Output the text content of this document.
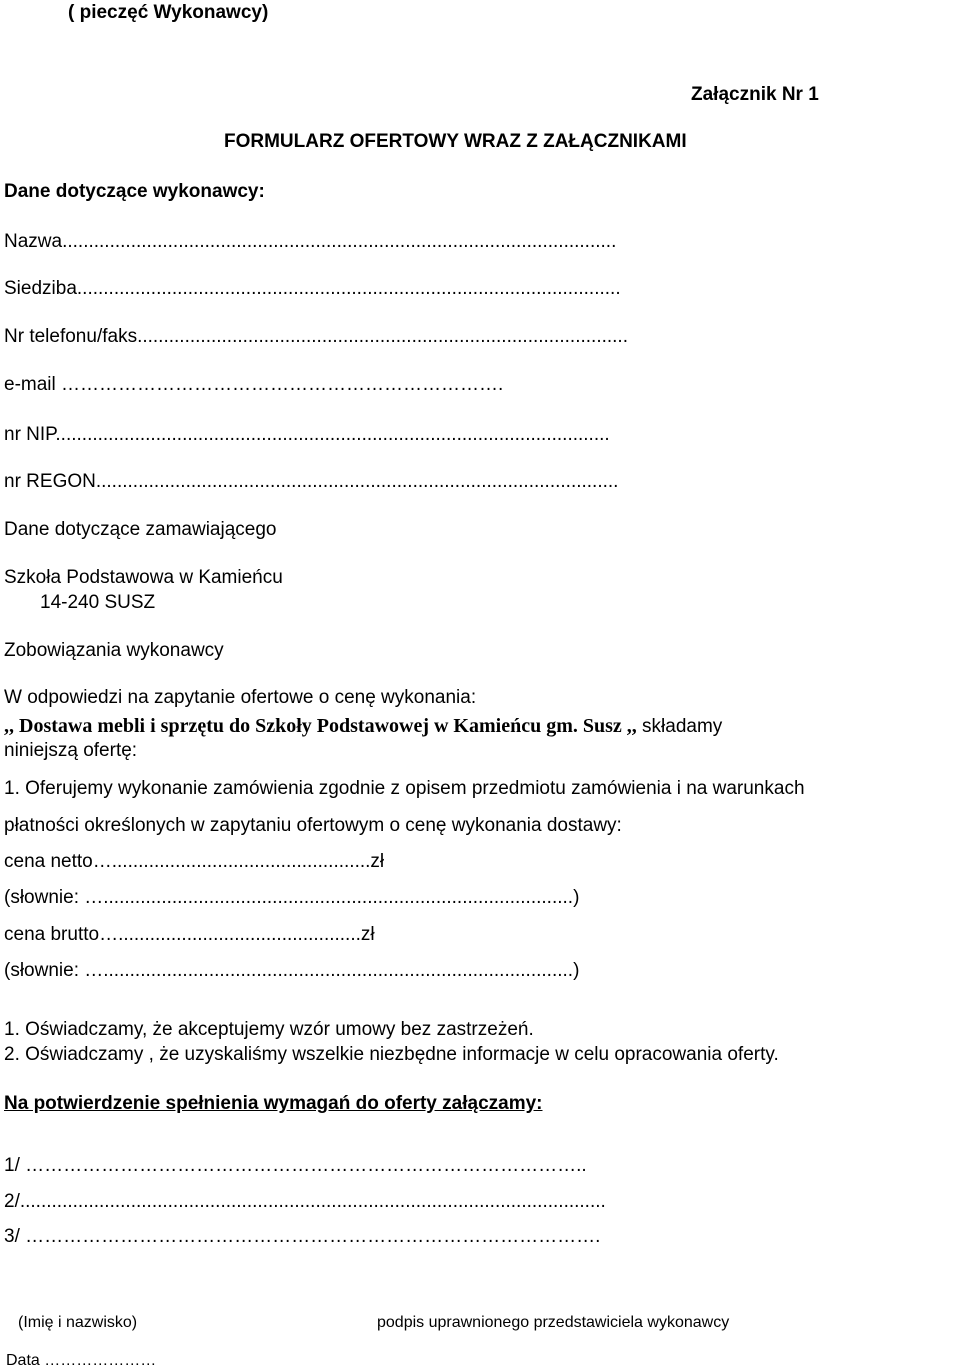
( pieczęć Wykonawcy)
Załącznik Nr 1
FORMULARZ OFERTOWY WRAZ Z ZAŁĄCZNIKAMI
Dane dotyczące wykonawcy:
Nazwa.........................................................................................................
Siedziba.......................................................................................................
Nr telefonu/faks.............................................................................................
e-mail …………………………………………………………….
nr NIP.........................................................................................................
nr REGON...................................................................................................
Dane dotyczące zamawiającego
Szkoła Podstawowa w Kamieńcu
14-240 SUSZ
Zobowiązania wykonawcy
W odpowiedzi na zapytanie ofertowe o cenę wykonania:
,, Dostawa mebli i sprzętu do Szkoły Podstawowej w Kamieńcu gm. Susz ,, składamy
niniejszą ofertę:
1. Oferujemy wykonanie zamówienia zgodnie z opisem przedmiotu zamówienia i na warunkach
płatności określonych w zapytaniu ofertowym o cenę wykonania dostawy:
cena netto….................................................zł
(słownie: ….........................................................................................)
cena brutto…..............................................zł
(słownie: ….........................................................................................)
1. Oświadczamy, że akceptujemy wzór umowy bez zastrzeżeń.
2. Oświadczamy , że uzyskaliśmy wszelkie niezbędne informacje w celu opracowania oferty.
Na potwierdzenie spełnienia wymagań do oferty załączamy:
1/ ……………………………………………………………………………..
2/...............................................................................................................
3/ ……………………………………………………………………………….
(Imię i nazwisko)	podpis uprawnionego przedstawiciela wykonawcy
Data …………………
